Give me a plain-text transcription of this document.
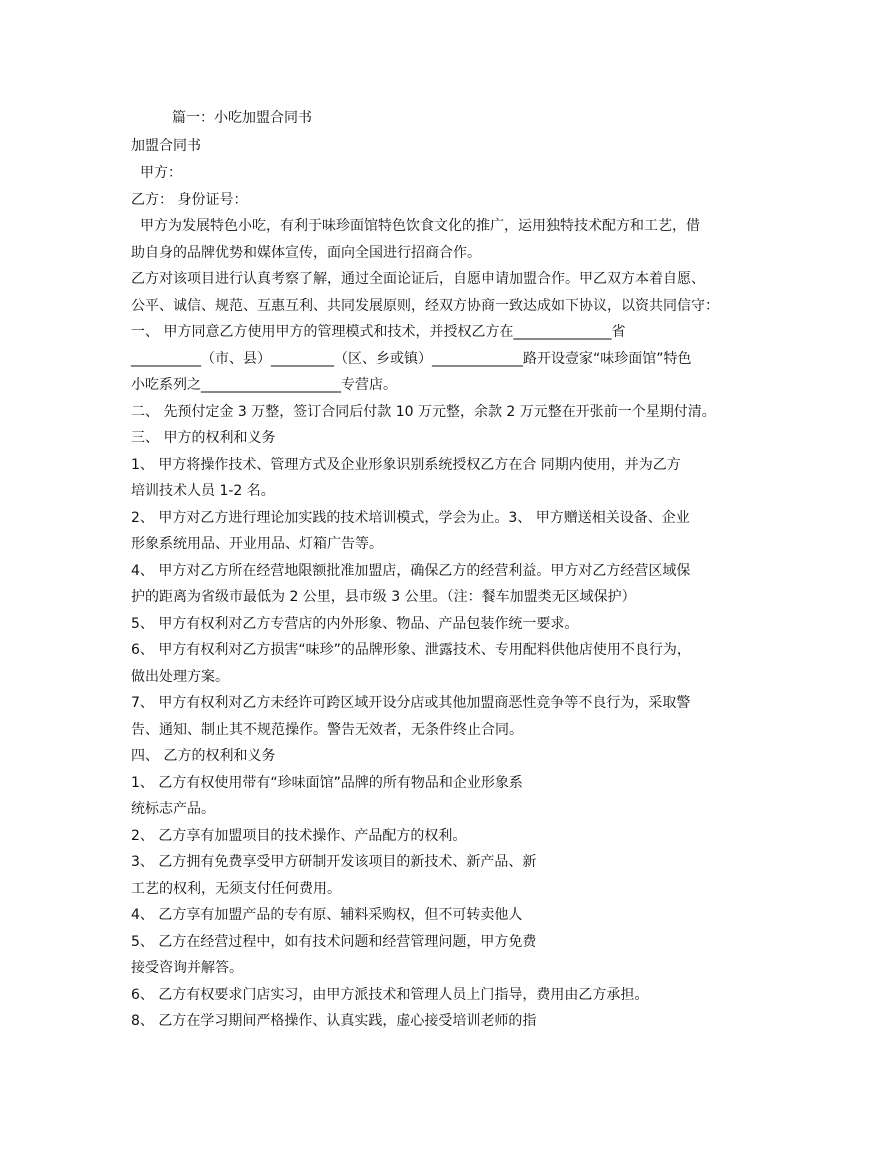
篇一：小吃加盟合同书
加盟合同书
甲方：
乙方： 身份证号：
甲方为发展特色小吃，有利于味珍面馆特色饮食文化的推广，运用独特技术配方和工艺，借
助自身的品牌优势和媒体宣传，面向全国进行招商合作。
乙方对该项目进行认真考察了解，通过全面论证后，自愿申请加盟合作。甲乙双方本着自愿、
公平、诚信、规范、互惠互利、共同发展原则，经双方协商一致达成如下协议，以资共同信守：
一、 甲方同意乙方使用甲方的管理模式和技术，并授权乙方在______________省
__________（市、县）_________（区、乡或镇）_____________路开设壹家“味珍面馆”特色
小吃系列之____________________专营店。
二、 先预付定金 3 万整，签订合同后付款 10 万元整，余款 2 万元整在开张前一个星期付清。
三、 甲方的权利和义务
1、 甲方将操作技术、管理方式及企业形象识别系统授权乙方在合 同期内使用，并为乙方
培训技术人员 1-2 名。
2、 甲方对乙方进行理论加实践的技术培训模式，学会为止。3、 甲方赠送相关设备、企业
形象系统用品、开业用品、灯箱广告等。
4、 甲方对乙方所在经营地限额批准加盟店，确保乙方的经营利益。甲方对乙方经营区域保
护的距离为省级市最低为 2 公里，县市级 3 公里。（注：餐车加盟类无区域保护）
5、 甲方有权利对乙方专营店的内外形象、物品、产品包装作统一要求。
6、 甲方有权利对乙方损害“味珍”的品牌形象、泄露技术、专用配料供他店使用不良行为，
做出处理方案。
7、 甲方有权利对乙方未经许可跨区域开设分店或其他加盟商恶性竞争等不良行为，采取警
告、通知、制止其不规范操作。警告无效者，无条件终止合同。
四、 乙方的权利和义务
1、 乙方有权使用带有“珍味面馆”品牌的所有物品和企业形象系
统标志产品。
2、 乙方享有加盟项目的技术操作、产品配方的权利。
3、 乙方拥有免费享受甲方研制开发该项目的新技术、新产品、新
工艺的权利，无须支付任何费用。
4、 乙方享有加盟产品的专有原、辅料采购权，但不可转卖他人
5、 乙方在经营过程中，如有技术问题和经营管理问题，甲方免费
接受咨询并解答。
6、 乙方有权要求门店实习，由甲方派技术和管理人员上门指导，费用由乙方承担。
8、 乙方在学习期间严格操作、认真实践，虚心接受培训老师的指
